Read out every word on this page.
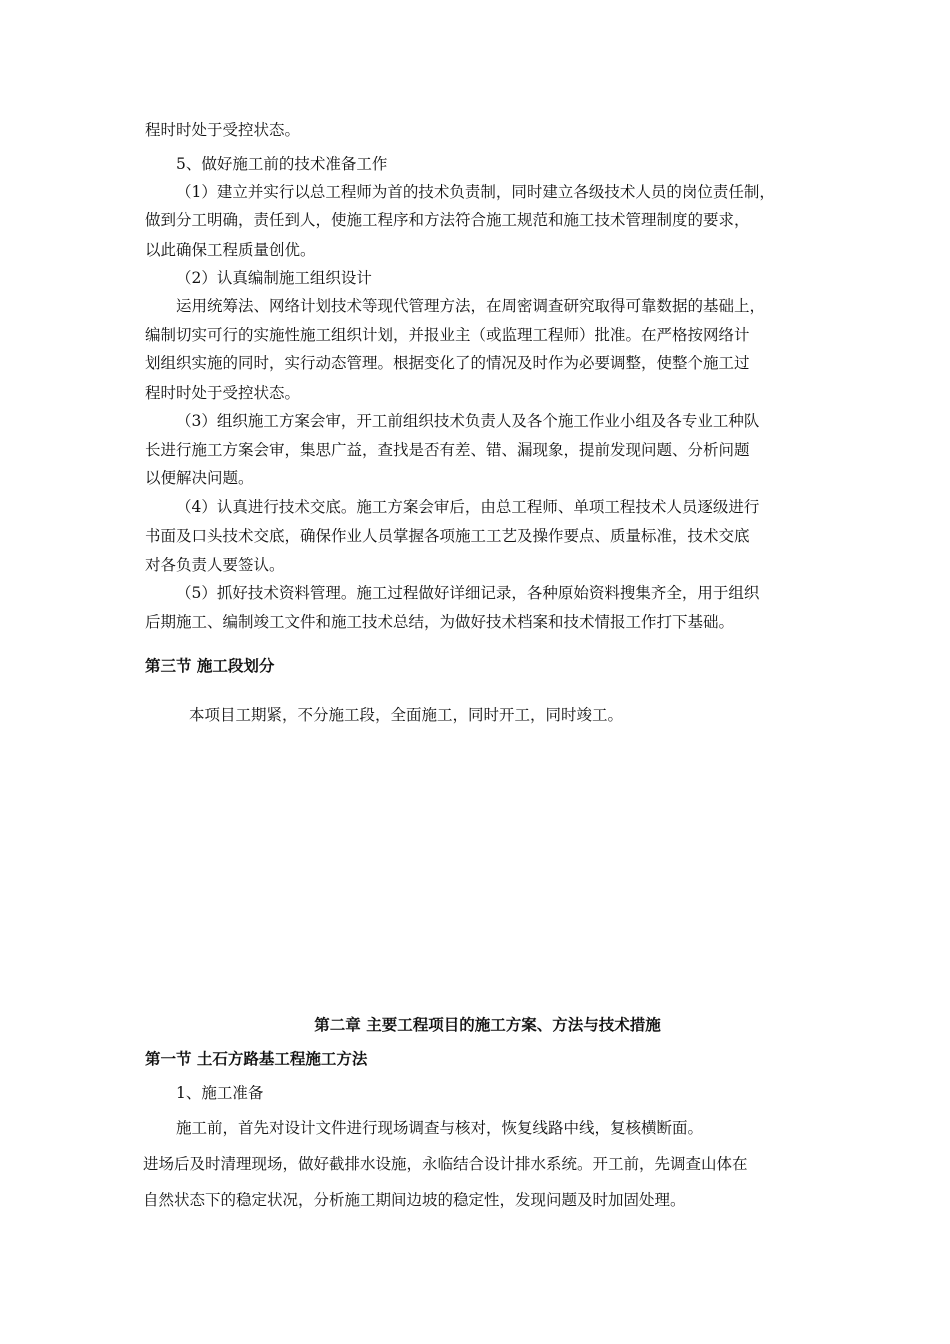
程时时处于受控状态。
5、做好施工前的技术准备工作
（1）建立并实行以总工程师为首的技术负责制，同时建立各级技术人员的岗位责任制，
做到分工明确，责任到人，使施工程序和方法符合施工规范和施工技术管理制度的要求，
以此确保工程质量创优。
（2）认真编制施工组织设计
运用统筹法、网络计划技术等现代管理方法，在周密调查研究取得可靠数据的基础上，
编制切实可行的实施性施工组织计划，并报业主（或监理工程师）批准。在严格按网络计
划组织实施的同时，实行动态管理。根据变化了的情况及时作为必要调整，使整个施工过
程时时处于受控状态。
（3）组织施工方案会审，开工前组织技术负责人及各个施工作业小组及各专业工种队
长进行施工方案会审，集思广益，查找是否有差、错、漏现象，提前发现问题、分析问题
以便解决问题。
（4）认真进行技术交底。施工方案会审后，由总工程师、单项工程技术人员逐级进行
书面及口头技术交底，确保作业人员掌握各项施工工艺及操作要点、质量标准，技术交底
对各负责人要签认。
（5）抓好技术资料管理。施工过程做好详细记录，各种原始资料搜集齐全，用于组织
后期施工、编制竣工文件和施工技术总结，为做好技术档案和技术情报工作打下基础。
第三节 施工段划分
本项目工期紧，不分施工段，全面施工，同时开工，同时竣工。
第二章 主要工程项目的施工方案、方法与技术措施
第一节 土石方路基工程施工方法
1、施工准备
施工前，首先对设计文件进行现场调查与核对，恢复线路中线，复核横断面。
进场后及时清理现场，做好截排水设施，永临结合设计排水系统。开工前，先调查山体在
自然状态下的稳定状况，分析施工期间边坡的稳定性，发现问题及时加固处理。
